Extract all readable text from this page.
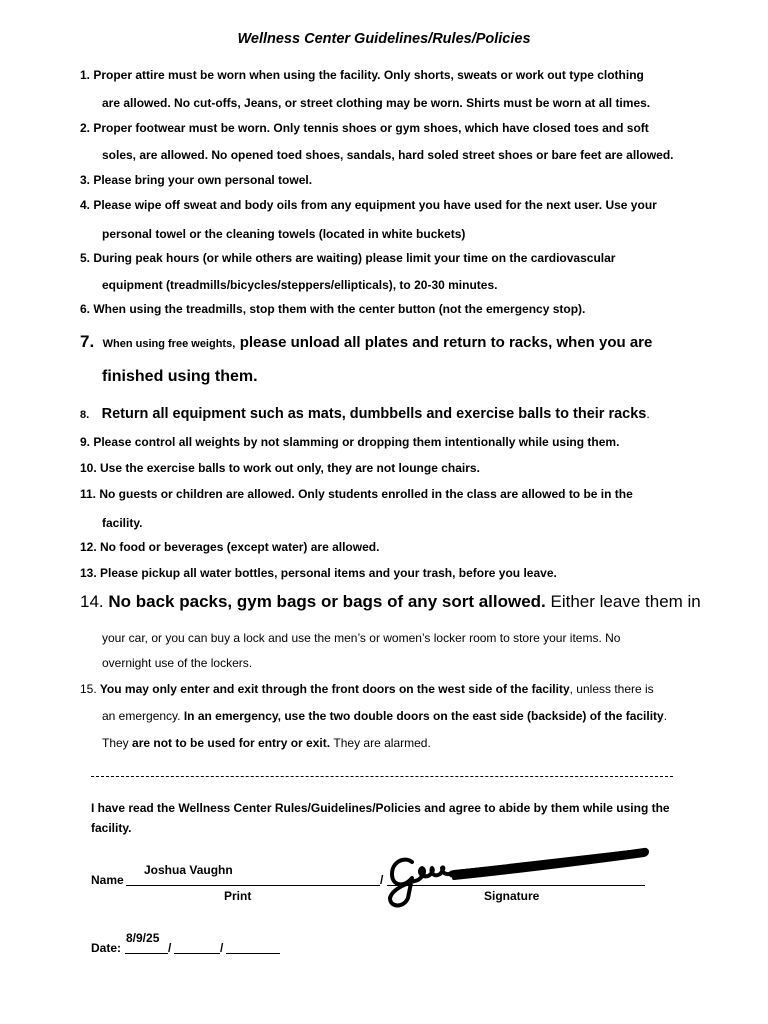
Wellness Center Guidelines/Rules/Policies
1. Proper attire must be worn when using the facility. Only shorts, sweats or work out type clothing
are allowed. No cut-offs, Jeans, or street clothing may be worn. Shirts must be worn at all times.
2. Proper footwear must be worn. Only tennis shoes or gym shoes, which have closed toes and soft
soles, are allowed. No opened toed shoes, sandals, hard soled street shoes or bare feet are allowed.
3. Please bring your own personal towel.
4. Please wipe off sweat and body oils from any equipment you have used for the next user. Use your
personal towel or the cleaning towels (located in white buckets)
5. During peak hours (or while others are waiting) please limit your time on the cardiovascular
equipment (treadmills/bicycles/steppers/ellipticals), to 20-30 minutes.
6. When using the treadmills, stop them with the center button (not the emergency stop).
7. When using free weights, please unload all plates and return to racks, when you are
finished using them.
8. Return all equipment such as mats, dumbbells and exercise balls to their racks.
9. Please control all weights by not slamming or dropping them intentionally while using them.
10. Use the exercise balls to work out only, they are not lounge chairs.
11. No guests or children are allowed. Only students enrolled in the class are allowed to be in the
facility.
12. No food or beverages (except water) are allowed.
13. Please pickup all water bottles, personal items and your trash, before you leave.
14. No back packs, gym bags or bags of any sort allowed. Either leave them in
your car, or you can buy a lock and use the men’s or women’s locker room to store your items. No
overnight use of the lockers.
15. You may only enter and exit through the front doors on the west side of the facility, unless there is
an emergency. In an emergency, use the two double doors on the east side (backside) of the facility.
They are not to be used for entry or exit. They are alarmed.
I have read the Wellness Center Rules/Guidelines/Policies and agree to abide by them while using the
facility.
Joshua Vaughn
Name	/
Print	Signature
8/9/25
Date:	/	/
